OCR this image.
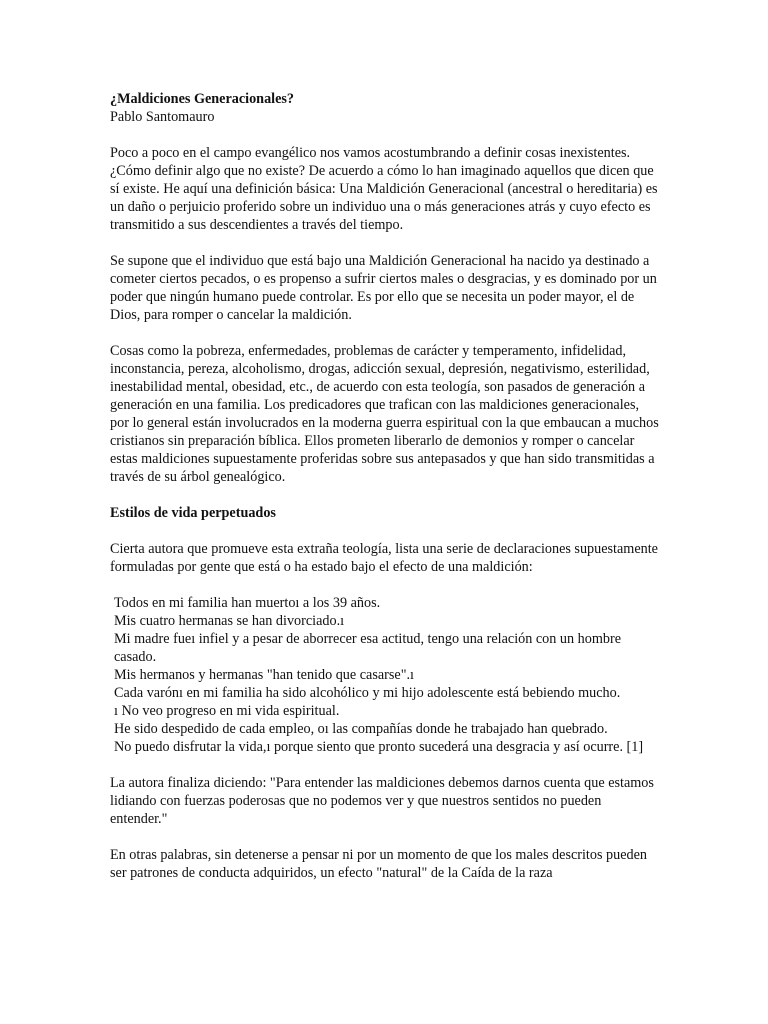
¿Maldiciones Generacionales?

Pablo Santomauro

Poco a poco en el campo evangélico nos vamos acostumbrando a definir cosas inexistentes. ¿Cómo definir algo que no existe? De acuerdo a cómo lo han imaginado aquellos que dicen que sí existe. He aquí una definición básica: Una Maldición Generacional (ancestral o hereditaria) es un daño o perjuicio proferido sobre un individuo una o más generaciones atrás y cuyo efecto es transmitido a sus descendientes a través del tiempo.

Se supone que el individuo que está bajo una Maldición Generacional ha nacido ya destinado a cometer ciertos pecados, o es propenso a sufrir ciertos males o desgracias, y es dominado por un poder que ningún humano puede controlar. Es por ello que se necesita un poder mayor, el de Dios, para romper o cancelar la maldición.

Cosas como la pobreza, enfermedades, problemas de carácter y temperamento, infidelidad, inconstancia, pereza, alcoholismo, drogas, adicción sexual, depresión, negativismo, esterilidad, inestabilidad mental, obesidad, etc., de acuerdo con esta teología, son pasados de generación a generación en una familia. Los predicadores que trafican con las maldiciones generacionales, por lo general están involucrados en la moderna guerra espiritual con la que embaucan a muchos cristianos sin preparación bíblica. Ellos prometen liberarlo de demonios y romper o cancelar estas maldiciones supuestamente proferidas sobre sus antepasados y que han sido transmitidas a través de su árbol genealógico.

Estilos de vida perpetuados

Cierta autora que promueve esta extraña teología, lista una serie de declaraciones supuestamente formuladas por gente que está o ha estado bajo el efecto de una maldición:

Todos en mi familia han muertoı a los 39 años.

Mis cuatro hermanas se han divorciado.ı

Mi madre fueı infiel y a pesar de aborrecer esa actitud, tengo una relación con un hombre casado.

Mis hermanos y hermanas "han tenido que casarse".ı

Cada varónı en mi familia ha sido alcohólico y mi hijo adolescente está bebiendo mucho.

ı No veo progreso en mi vida espiritual.

He sido despedido de cada empleo, oı las compañías donde he trabajado han quebrado.

No puedo disfrutar la vida,ı porque siento que pronto sucederá una desgracia y así ocurre. [1]

La autora finaliza diciendo: "Para entender las maldiciones debemos darnos cuenta que estamos lidiando con fuerzas poderosas que no podemos ver y que nuestros sentidos no pueden entender."

En otras palabras, sin detenerse a pensar ni por un momento de que los males descritos pueden ser patrones de conducta adquiridos, un efecto "natural" de la Caída de la raza
